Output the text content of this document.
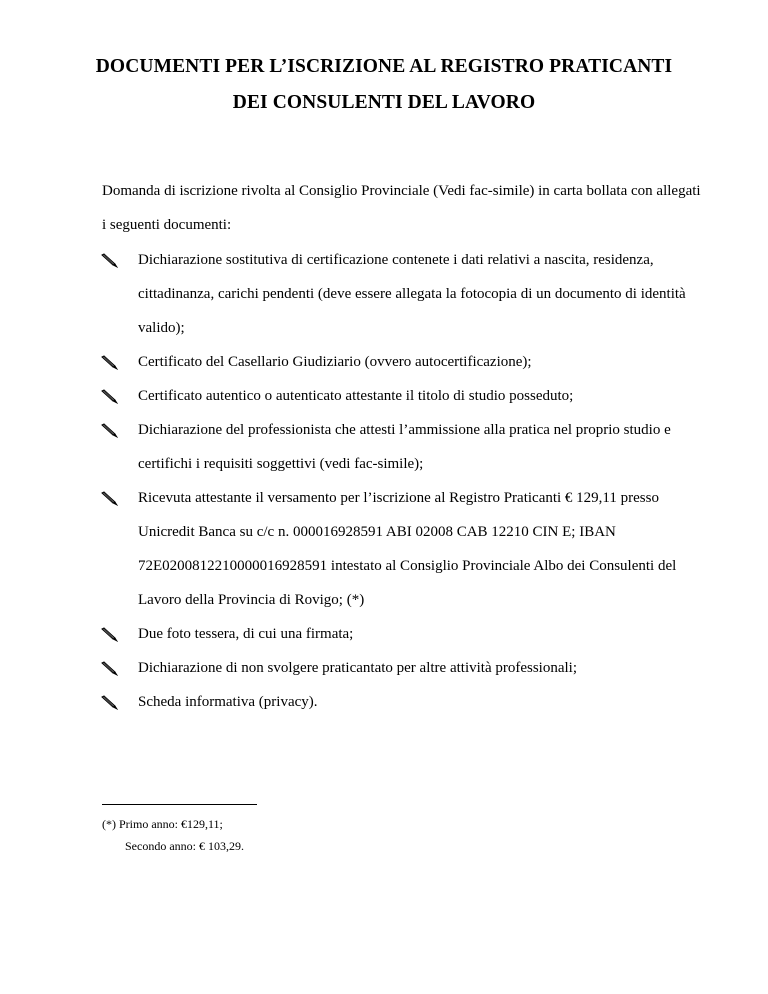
DOCUMENTI PER L’ISCRIZIONE AL REGISTRO PRATICANTI
DEI CONSULENTI DEL LAVORO
Domanda di iscrizione rivolta al Consiglio Provinciale (Vedi fac-simile) in carta bollata con allegati
i seguenti documenti:
Dichiarazione sostitutiva di certificazione contenete i dati relativi a nascita, residenza,
cittadinanza, carichi pendenti (deve essere allegata la fotocopia di un documento di identità
valido);
Certificato del Casellario Giudiziario (ovvero autocertificazione);
Certificato autentico o autenticato attestante il titolo di studio posseduto;
Dichiarazione del professionista che attesti l’ammissione alla pratica nel proprio studio e
certifichi i requisiti soggettivi (vedi fac-simile);
Ricevuta attestante il versamento per l’iscrizione al Registro Praticanti € 129,11 presso
Unicredit Banca su c/c n. 000016928591 ABI 02008 CAB 12210 CIN E; IBAN
72E0200812210000016928591 intestato al Consiglio Provinciale Albo dei Consulenti del
Lavoro della Provincia di Rovigo; (*)
Due foto tessera, di cui una firmata;
Dichiarazione di non svolgere praticantato per altre attività professionali;
Scheda informativa (privacy).
(*) Primo anno: €129,11;
Secondo anno: € 103,29.
